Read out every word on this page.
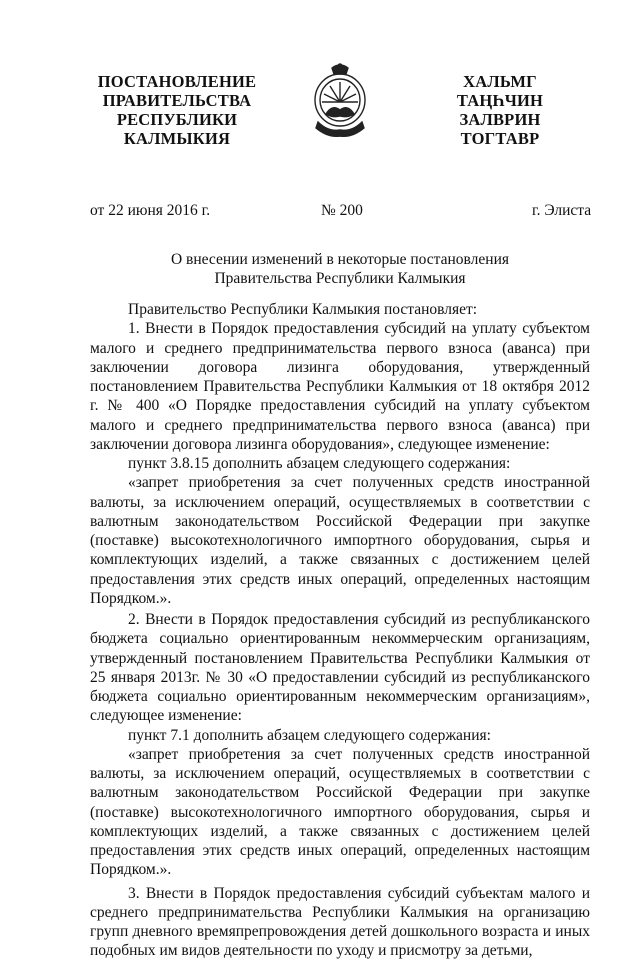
ПОСТАНОВЛЕНИЕ
ПРАВИТЕЛЬСТВА
РЕСПУБЛИКИ
КАЛМЫКИЯ
ХАЛЬМГ
ТАҢҺЧИН
ЗАЛВРИН
ТОГТАВР
от 22 июня 2016 г.	№ 200	г. Элиста
О внесении изменений в некоторые постановления
Правительства Республики Калмыкия

Правительство Республики Калмыкия постановляет:

1. Внести в Порядок предоставления субсидий на уплату субъектом малого и среднего предпринимательства первого взноса (аванса) при заключении договора лизинга оборудования, утвержденный постановлением Правительства Республики Калмыкия от 18 октября 2012 г. № 400 «О Порядке предоставления субсидий на уплату субъектом малого и среднего предпринимательства первого взноса (аванса) при заключении договора лизинга оборудования», следующее изменение:

пункт 3.8.15 дополнить абзацем следующего содержания:

«запрет приобретения за счет полученных средств иностранной валюты, за исключением операций, осуществляемых в соответствии с валютным законодательством Российской Федерации при закупке (поставке) высокотехнологичного импортного оборудования, сырья и комплектующих изделий, а также связанных с достижением целей предоставления этих средств иных операций, определенных настоящим Порядком.».

2. Внести в Порядок предоставления субсидий из республиканского бюджета социально ориентированным некоммерческим организациям, утвержденный постановлением Правительства Республики Калмыкия от 25 января 2013г. № 30 «О предоставлении субсидий из республиканского бюджета социально ориентированным некоммерческим организациям», следующее изменение:

пункт 7.1 дополнить абзацем следующего содержания:

«запрет приобретения за счет полученных средств иностранной валюты, за исключением операций, осуществляемых в соответствии с валютным законодательством Российской Федерации при закупке (поставке) высокотехнологичного импортного оборудования, сырья и комплектующих изделий, а также связанных с достижением целей предоставления этих средств иных операций, определенных настоящим Порядком.».

3. Внести в Порядок предоставления субсидий субъектам малого и среднего предпринимательства Республики Калмыкия на организацию групп дневного времяпрепровождения детей дошкольного возраста и иных подобных им видов деятельности по уходу и присмотру за детьми,
